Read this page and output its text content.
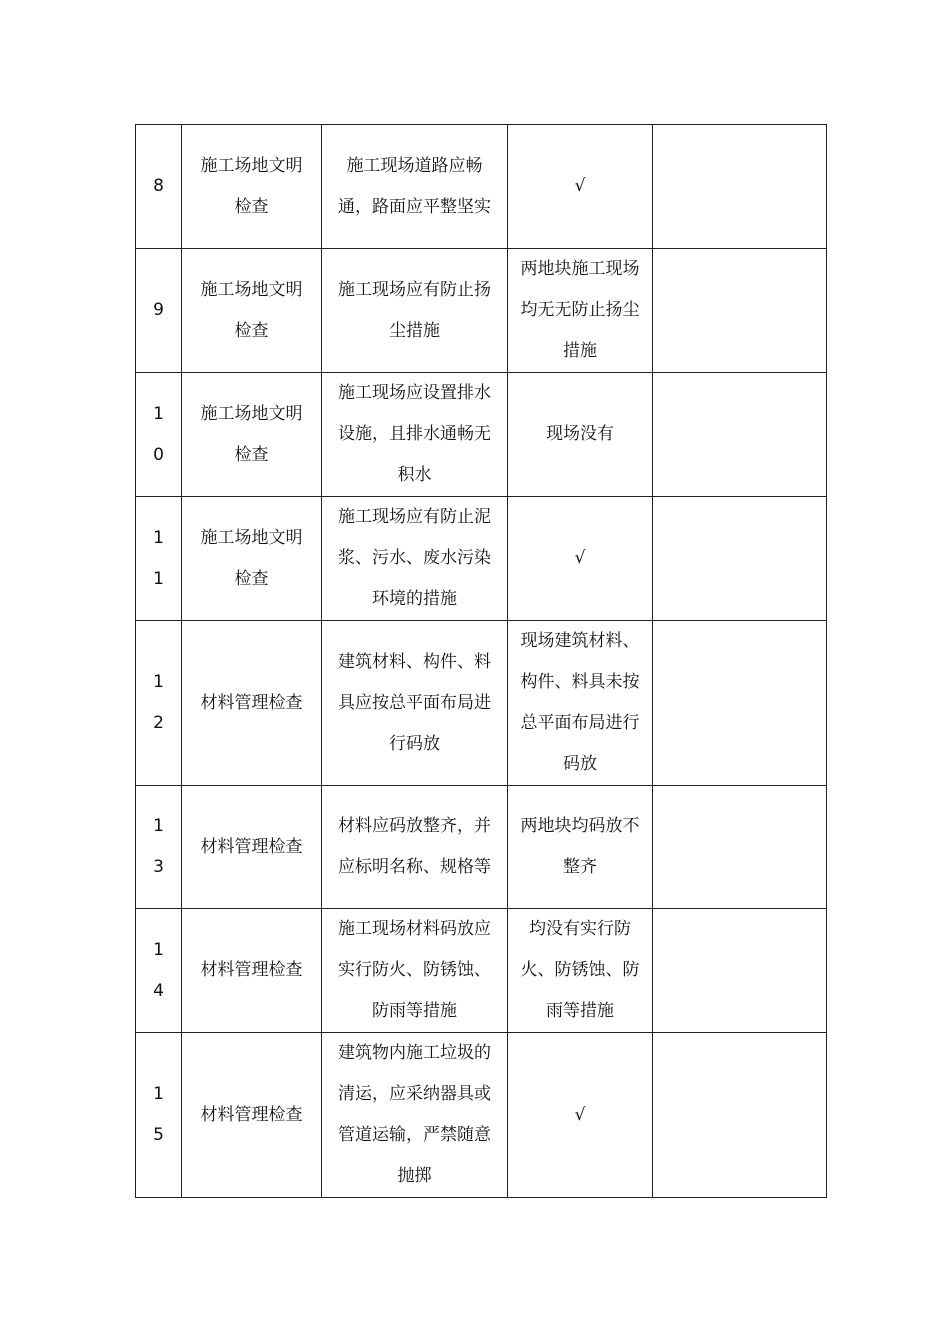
8	施工场地文明检查	施工现场道路应畅通，路面应平整坚实	√	
9	施工场地文明检查	施工现场应有防止扬尘措施	两地块施工现场均无无防止扬尘措施	
10	施工场地文明检查	施工现场应设置排水设施，且排水通畅无积水	现场没有	
11	施工场地文明检查	施工现场应有防止泥浆、污水、废水污染环境的措施	√	
12	材料管理检查	建筑材料、构件、料具应按总平面布局进行码放	现场建筑材料、构件、料具未按总平面布局进行码放	
13	材料管理检查	材料应码放整齐，并应标明名称、规格等	两地块均码放不整齐	
14	材料管理检查	施工现场材料码放应实行防火、防锈蚀、防雨等措施	均没有实行防火、防锈蚀、防雨等措施	
15	材料管理检查	建筑物内施工垃圾的清运，应采纳器具或管道运输，严禁随意抛掷	√	
